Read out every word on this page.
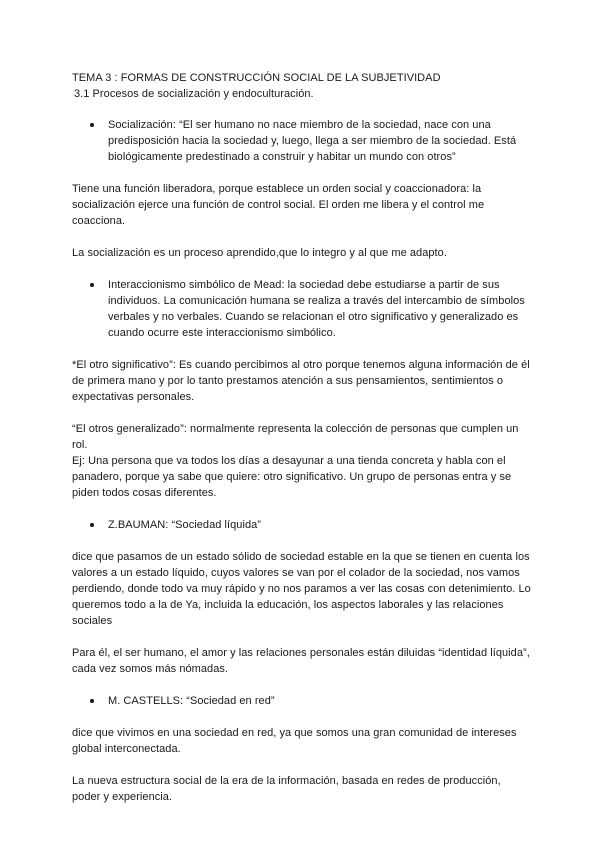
TEMA 3 : FORMAS DE CONSTRUCCIÓN SOCIAL DE LA SUBJETIVIDAD

3.1 Procesos de socialización y endoculturación.

Socialización: “El ser humano no nace miembro de la sociedad, nace con una predisposición hacia la sociedad y, luego, llega a ser miembro de la sociedad. Está biológicamente predestinado a construir y habitar un mundo con otros”

Tiene una función liberadora, porque establece un orden social y coaccionadora: la socialización ejerce una función de control social. El orden me libera y el control me coacciona.

La socialización es un proceso aprendido,que lo integro y al que me adapto.

Interaccionismo simbólico de Mead: la sociedad debe estudiarse a partir de sus individuos. La comunicación humana se realiza a través del intercambio de símbolos verbales y no verbales. Cuando se relacionan el otro significativo y generalizado es cuando ocurre este interaccionismo simbólico.

*El otro significativo”: Es cuando percibimos al otro porque tenemos alguna información de él de primera mano y por lo tanto prestamos atención a sus pensamientos, sentimientos o expectativas personales.

“El otros generalizado”: normalmente representa la colección de personas que cumplen un rol.

Ej: Una persona que va todos los días a desayunar a una tienda concreta y habla con el panadero, porque ya sabe que quiere: otro significativo. Un grupo de personas entra y se piden todos cosas diferentes.

Z.BAUMAN: “Sociedad líquida”

dice que pasamos de un estado sólido de sociedad estable en la que se tienen en cuenta los valores a un estado líquido, cuyos valores se van por el colador de la sociedad, nos vamos perdiendo, donde todo va muy rápido y no nos paramos a ver las cosas con detenimiento. Lo queremos todo a la de Ya, incluida la educación, los aspectos laborales y las relaciones sociales

Para él, el ser humano, el amor y las relaciones personales están diluidas “identidad líquida”, cada vez somos más nómadas.

M. CASTELLS: “Sociedad en red”

dice que vivimos en una sociedad en red, ya que somos una gran comunidad de intereses global interconectada.

La nueva estructura social de la era de la información, basada en redes de producción, poder y experiencia.
